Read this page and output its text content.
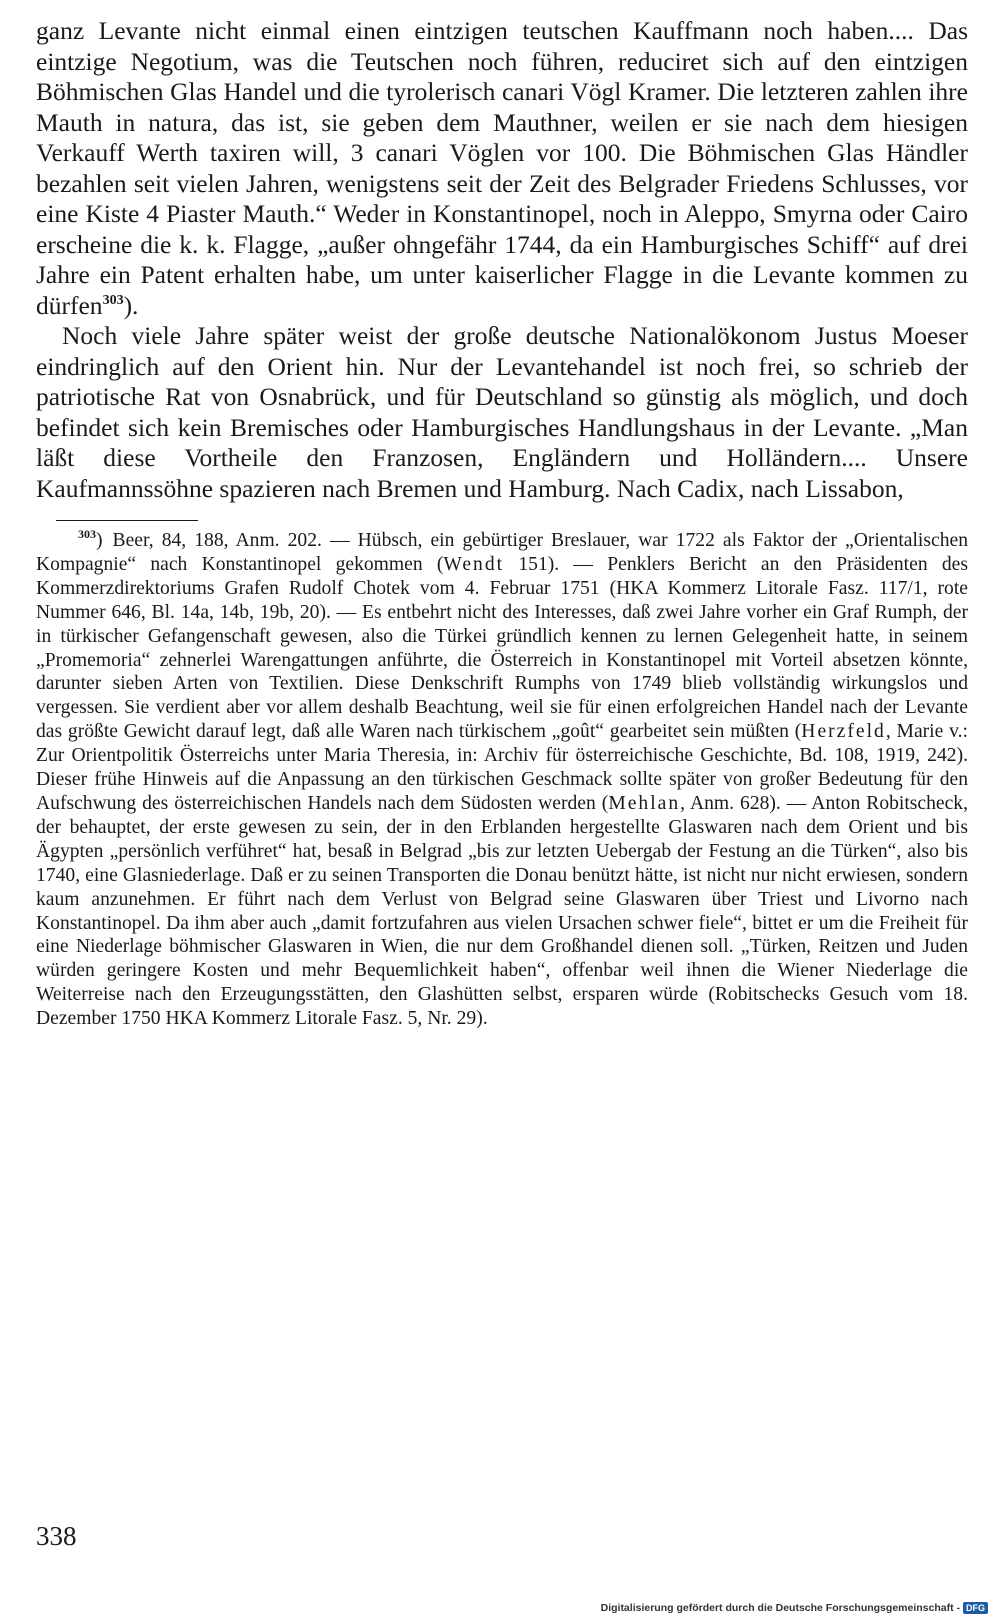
ganz Levante nicht einmal einen eintzigen teutschen Kauffmann noch haben.... Das eintzige Negotium, was die Teutschen noch führen, reduciret sich auf den eintzigen Böhmischen Glas Handel und die tyrolerisch canari Vögl Kramer. Die letzteren zahlen ihre Mauth in natura, das ist, sie geben dem Mauthner, weilen er sie nach dem hiesigen Verkauff Werth taxiren will, 3 canari Vöglen vor 100. Die Böhmischen Glas Händler bezahlen seit vielen Jahren, wenigstens seit der Zeit des Belgrader Friedens Schlusses, vor eine Kiste 4 Piaster Mauth.“ Weder in Konstantinopel, noch in Aleppo, Smyrna oder Cairo erscheine die k. k. Flagge, „außer ohngefähr 1744, da ein Hamburgisches Schiff“ auf drei Jahre ein Patent erhalten habe, um unter kaiserlicher Flagge in die Levante kommen zu dürfen$^{303}$).

Noch viele Jahre später weist der große deutsche Nationalökonom Justus Moeser eindringlich auf den Orient hin. Nur der Levantehandel ist noch frei, so schrieb der patriotische Rat von Osnabrück, und für Deutschland so günstig als möglich, und doch befindet sich kein Bremisches oder Hamburgisches Handlungshaus in der Levante. „Man läßt diese Vortheile den Franzosen, Engländern und Holländern.... Unsere Kaufmannssöhne spazieren nach Bremen und Hamburg. Nach Cadix, nach Lissabon,

$^{303}$) Beer, 84, 188, Anm. 202. — Hübsch, ein gebürtiger Breslauer, war 1722 als Faktor der „Orientalischen Kompagnie“ nach Konstantinopel gekommen (Wendt 151). — Penklers Bericht an den Präsidenten des Kommerzdirektoriums Grafen Rudolf Chotek vom 4. Februar 1751 (HKA Kommerz Litorale Fasz. 117/1, rote Nummer 646, Bl. 14a, 14b, 19b, 20). — Es entbehrt nicht des Interesses, daß zwei Jahre vorher ein Graf Rumph, der in türkischer Gefangenschaft gewesen, also die Türkei gründlich kennen zu lernen Gelegenheit hatte, in seinem „Promemoria“ zehnerlei Warengattungen anführte, die Österreich in Konstantinopel mit Vorteil absetzen könnte, darunter sieben Arten von Textilien. Diese Denkschrift Rumphs von 1749 blieb vollständig wirkungslos und vergessen. Sie verdient aber vor allem deshalb Beachtung, weil sie für einen erfolgreichen Handel nach der Levante das größte Gewicht darauf legt, daß alle Waren nach türkischem „goût“ gearbeitet sein müßten (Herzfeld, Marie v.: Zur Orientpolitik Österreichs unter Maria Theresia, in: Archiv für österreichische Geschichte, Bd. 108, 1919, 242). Dieser frühe Hinweis auf die Anpassung an den türkischen Geschmack sollte später von großer Bedeutung für den Aufschwung des österreichischen Handels nach dem Südosten werden (Mehlan, Anm. 628). — Anton Robitscheck, der behauptet, der erste gewesen zu sein, der in den Erblanden hergestellte Glaswaren nach dem Orient und bis Ägypten „persönlich verführet“ hat, besaß in Belgrad „bis zur letzten Uebergab der Festung an die Türken“, also bis 1740, eine Glasniederlage. Daß er zu seinen Transporten die Donau benützt hätte, ist nicht nur nicht erwiesen, sondern kaum anzunehmen. Er führt nach dem Verlust von Belgrad seine Glaswaren über Triest und Livorno nach Konstantinopel. Da ihm aber auch „damit fortzufahren aus vielen Ursachen schwer fiele“, bittet er um die Freiheit für eine Niederlage böhmischer Glaswaren in Wien, die nur dem Großhandel dienen soll. „Türken, Reitzen und Juden würden geringere Kosten und mehr Bequemlichkeit haben“, offenbar weil ihnen die Wiener Niederlage die Weiterreise nach den Erzeugungsstätten, den Glashütten selbst, ersparen würde (Robitschecks Gesuch vom 18. Dezember 1750 HKA Kommerz Litorale Fasz. 5, Nr. 29).

338

Digitalisierung gefördert durch die Deutsche Forschungsgemeinschaft - DFG
